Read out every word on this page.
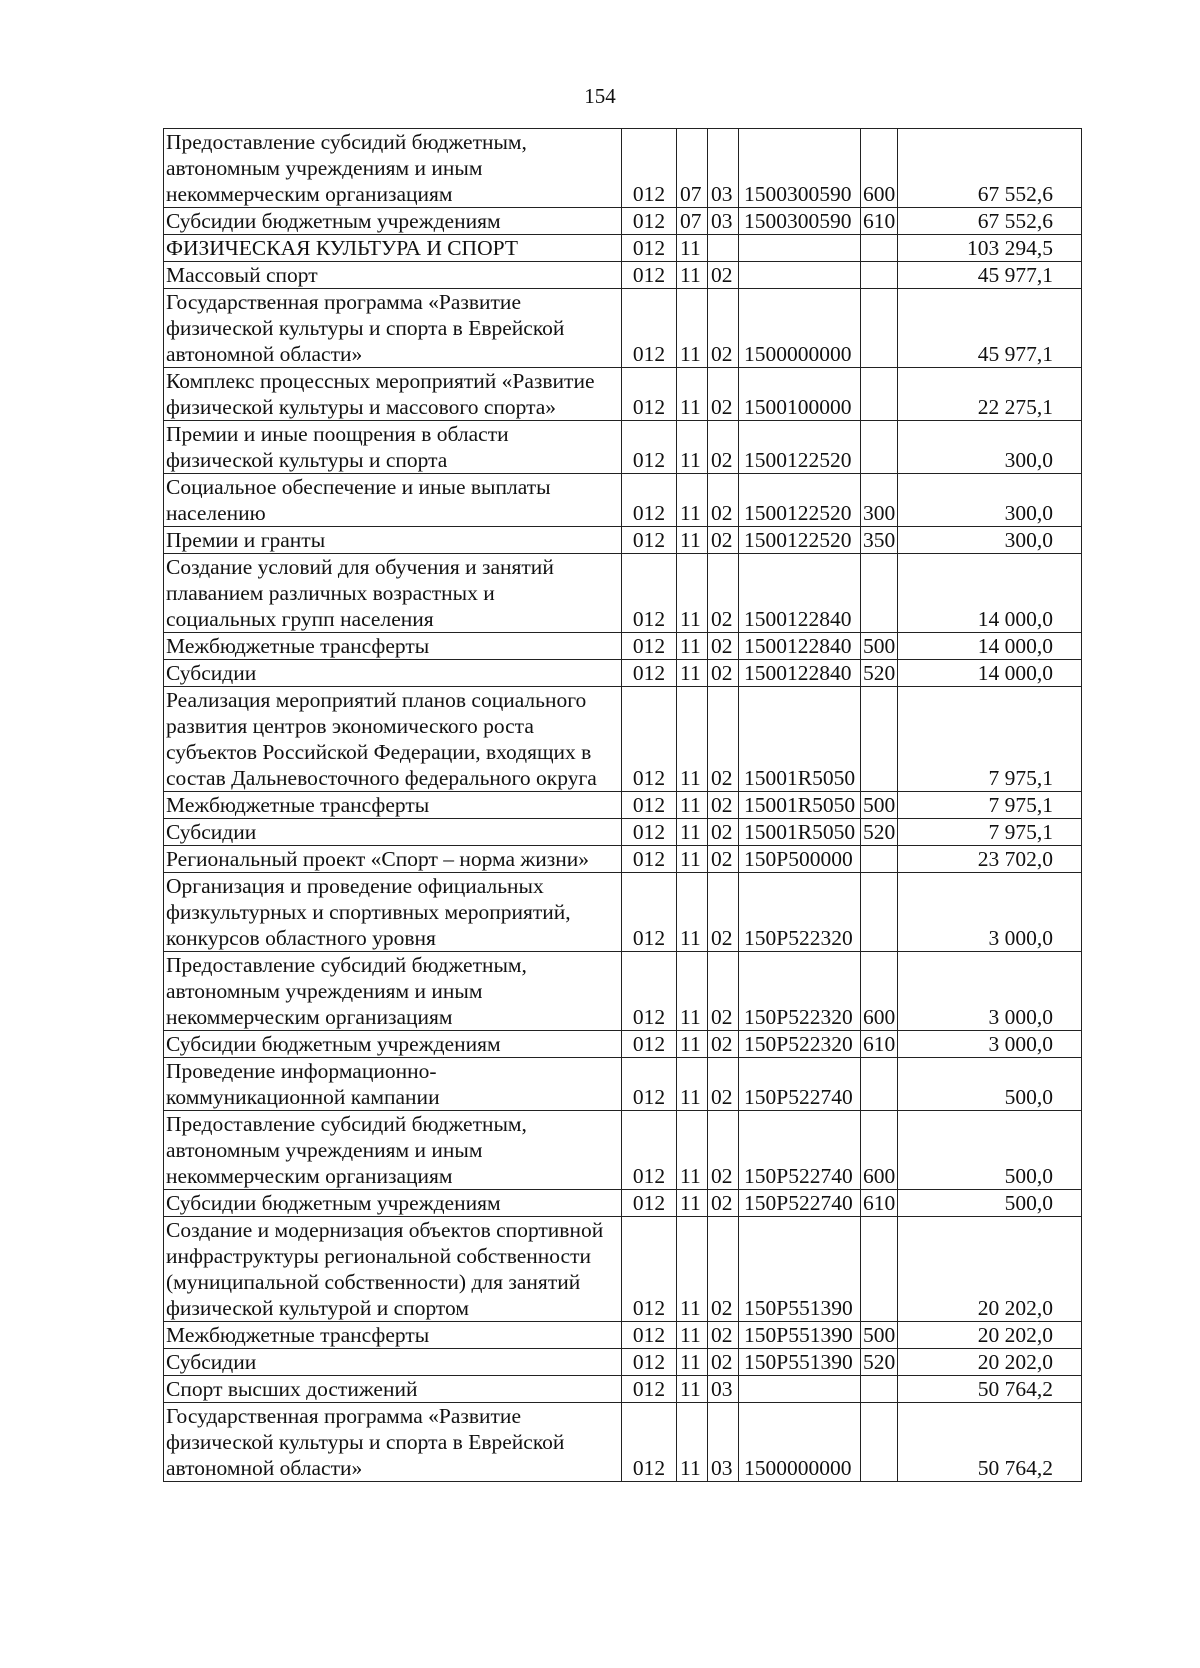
154
Предоставление субсидий бюджетным,
автономным учреждениям и иным
некоммерческим организациям	012	07	03	1500300590	600	67 552,6
Субсидии бюджетным учреждениям	012	07	03	1500300590	610	67 552,6
ФИЗИЧЕСКАЯ КУЛЬТУРА И СПОРТ	012	11				103 294,5
Массовый спорт	012	11	02			45 977,1
Государственная программа «Развитие
физической культуры и спорта в Еврейской
автономной области»	012	11	02	1500000000		45 977,1
Комплекс процессных мероприятий «Развитие
физической культуры и массового спорта»	012	11	02	1500100000		22 275,1
Премии и иные поощрения в области
физической культуры и спорта	012	11	02	1500122520		300,0
Социальное обеспечение и иные выплаты
населению	012	11	02	1500122520	300	300,0
Премии и гранты	012	11	02	1500122520	350	300,0
Создание условий для обучения и занятий
плаванием различных возрастных и
социальных групп населения	012	11	02	1500122840		14 000,0
Межбюджетные трансферты	012	11	02	1500122840	500	14 000,0
Субсидии	012	11	02	1500122840	520	14 000,0
Реализация мероприятий планов социального
развития центров экономического роста
субъектов Российской Федерации, входящих в
состав Дальневосточного федерального округа	012	11	02	15001R5050		7 975,1
Межбюджетные трансферты	012	11	02	15001R5050	500	7 975,1
Субсидии	012	11	02	15001R5050	520	7 975,1
Региональный проект «Спорт – норма жизни»	012	11	02	150P500000		23 702,0
Организация и проведение официальных
физкультурных и спортивных мероприятий,
конкурсов областного уровня	012	11	02	150P522320		3 000,0
Предоставление субсидий бюджетным,
автономным учреждениям и иным
некоммерческим организациям	012	11	02	150P522320	600	3 000,0
Субсидии бюджетным учреждениям	012	11	02	150P522320	610	3 000,0
Проведение информационно-
коммуникационной кампании	012	11	02	150P522740		500,0
Предоставление субсидий бюджетным,
автономным учреждениям и иным
некоммерческим организациям	012	11	02	150P522740	600	500,0
Субсидии бюджетным учреждениям	012	11	02	150P522740	610	500,0
Создание и модернизация объектов спортивной
инфраструктуры региональной собственности
(муниципальной собственности) для занятий
физической культурой и спортом	012	11	02	150P551390		20 202,0
Межбюджетные трансферты	012	11	02	150P551390	500	20 202,0
Субсидии	012	11	02	150P551390	520	20 202,0
Спорт высших достижений	012	11	03			50 764,2
Государственная программа «Развитие
физической культуры и спорта в Еврейской
автономной области»	012	11	03	1500000000		50 764,2
